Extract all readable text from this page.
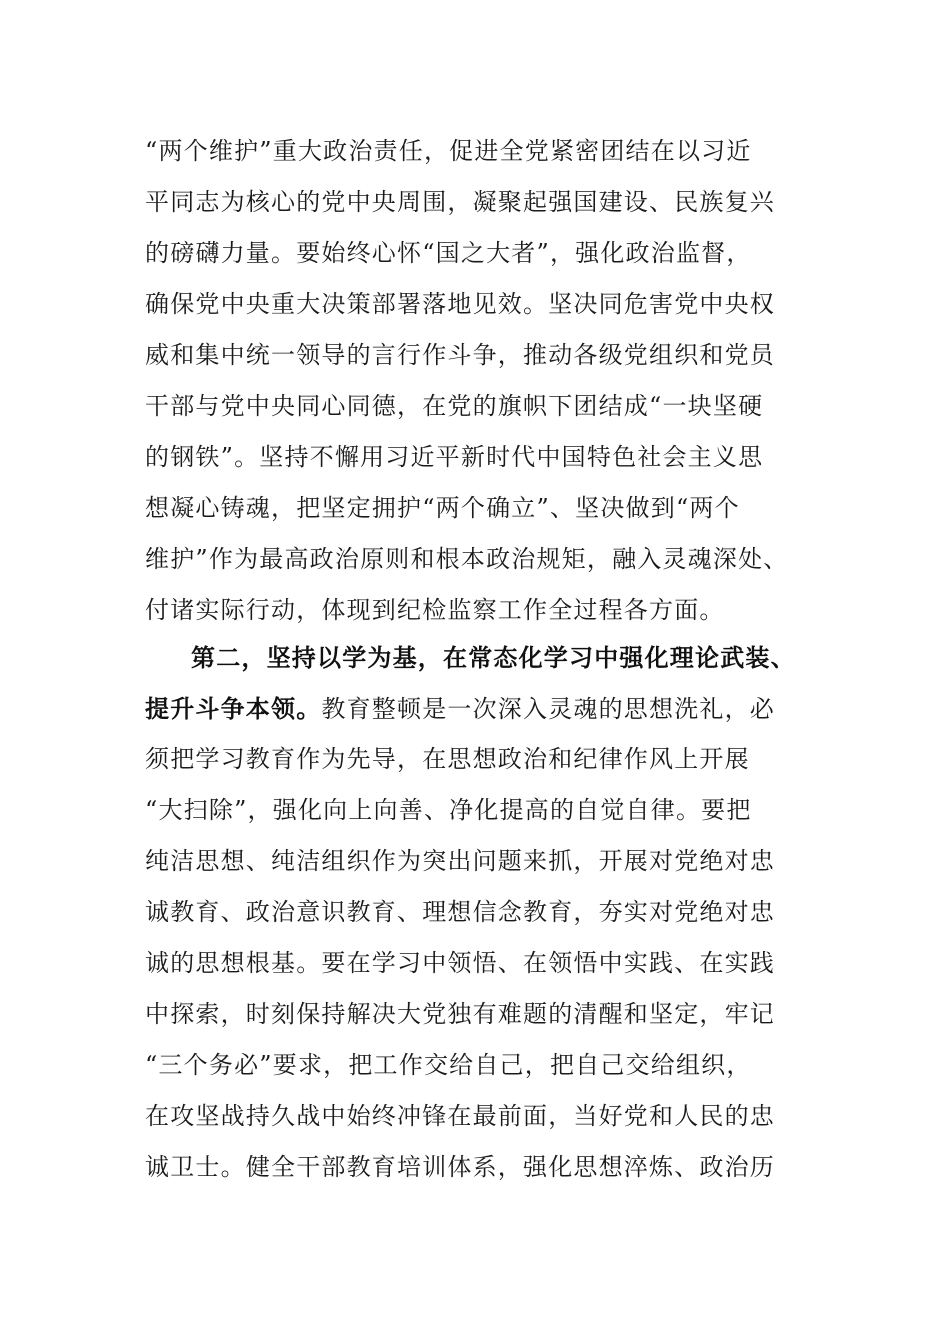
“两个维护”重大政治责任，促进全党紧密团结在以习近
平同志为核心的党中央周围，凝聚起强国建设、民族复兴
的磅礴力量。要始终心怀“国之大者”，强化政治监督，
确保党中央重大决策部署落地见效。坚决同危害党中央权
威和集中统一领导的言行作斗争，推动各级党组织和党员
干部与党中央同心同德，在党的旗帜下团结成“一块坚硬
的钢铁”。坚持不懈用习近平新时代中国特色社会主义思
想凝心铸魂，把坚定拥护“两个确立”、坚决做到“两个
维护”作为最高政治原则和根本政治规矩，融入灵魂深处、
付诸实际行动，体现到纪检监察工作全过程各方面。
第二，坚持以学为基，在常态化学习中强化理论武装、
提升斗争本领。教育整顿是一次深入灵魂的思想洗礼，必
须把学习教育作为先导，在思想政治和纪律作风上开展
“大扫除”，强化向上向善、净化提高的自觉自律。要把
纯洁思想、纯洁组织作为突出问题来抓，开展对党绝对忠
诚教育、政治意识教育、理想信念教育，夯实对党绝对忠
诚的思想根基。要在学习中领悟、在领悟中实践、在实践
中探索，时刻保持解决大党独有难题的清醒和坚定，牢记
“三个务必”要求，把工作交给自己，把自己交给组织，
在攻坚战持久战中始终冲锋在最前面，当好党和人民的忠
诚卫士。健全干部教育培训体系，强化思想淬炼、政治历
